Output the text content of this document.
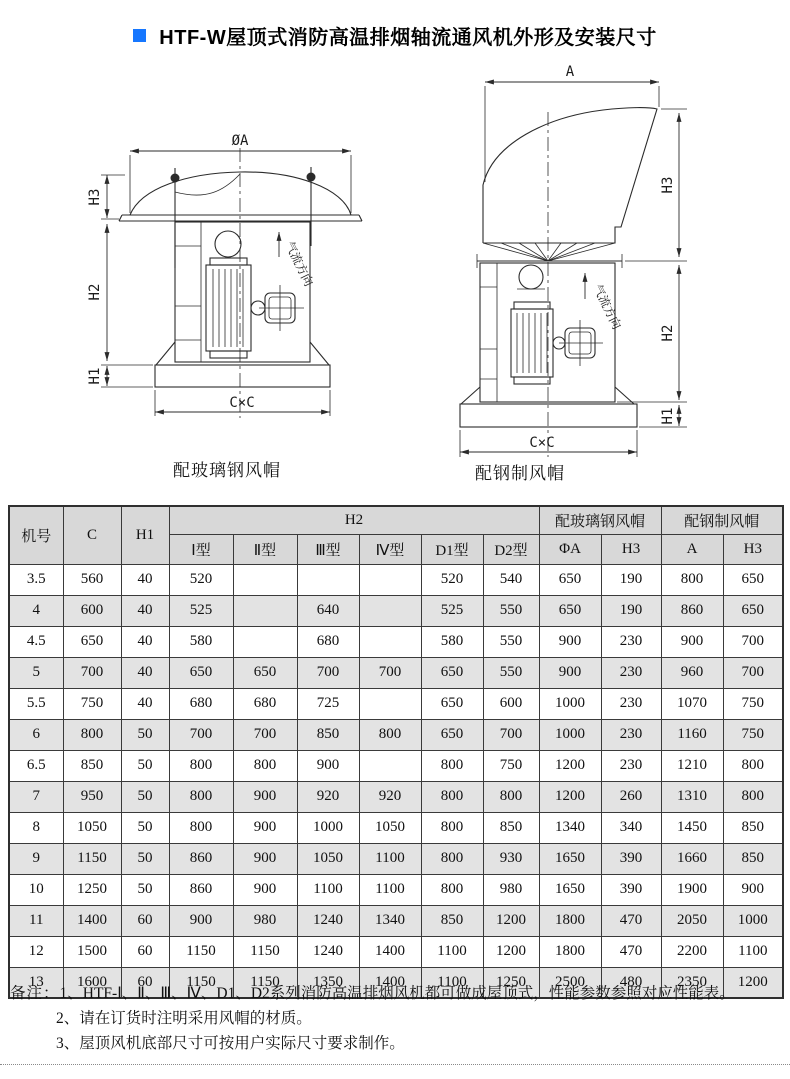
HTF-W屋顶式消防高温排烟轴流通风机外形及安装尺寸
ØA
H3
气流方向
H2
H1
C×C
配玻璃钢风帽
A
H3
气流方向
H2
H1
C×C
配钢制风帽
机号	C	H1	H2						配玻璃钢风帽		配钢制风帽	
			Ⅰ型	Ⅱ型	Ⅲ型	Ⅳ型	D1型	D2型	ΦA	H3	A	H3
3.5	560	40	520				520	540	650	190	800	650
4	600	40	525		640		525	550	650	190	860	650
4.5	650	40	580		680		580	550	900	230	900	700
5	700	40	650	650	700	700	650	550	900	230	960	700
5.5	750	40	680	680	725		650	600	1000	230	1070	750
6	800	50	700	700	850	800	650	700	1000	230	1160	750
6.5	850	50	800	800	900		800	750	1200	230	1210	800
7	950	50	800	900	920	920	800	800	1200	260	1310	800
8	1050	50	800	900	1000	1050	800	850	1340	340	1450	850
9	1150	50	860	900	1050	1100	800	930	1650	390	1660	850
10	1250	50	860	900	1100	1100	800	980	1650	390	1900	900
11	1400	60	900	980	1240	1340	850	1200	1800	470	2050	1000
12	1500	60	1150	1150	1240	1400	1100	1200	1800	470	2200	1100
13	1600	60	1150	1150	1350	1400	1100	1250	2500	480	2350	1200
备注：1、HTF-Ⅰ、Ⅱ、Ⅲ、Ⅳ、D1、D2系列消防高温排烟风机都可做成屋顶式，性能参数参照对应性能表。
2、请在订货时注明采用风帽的材质。
3、屋顶风机底部尺寸可按用户实际尺寸要求制作。
